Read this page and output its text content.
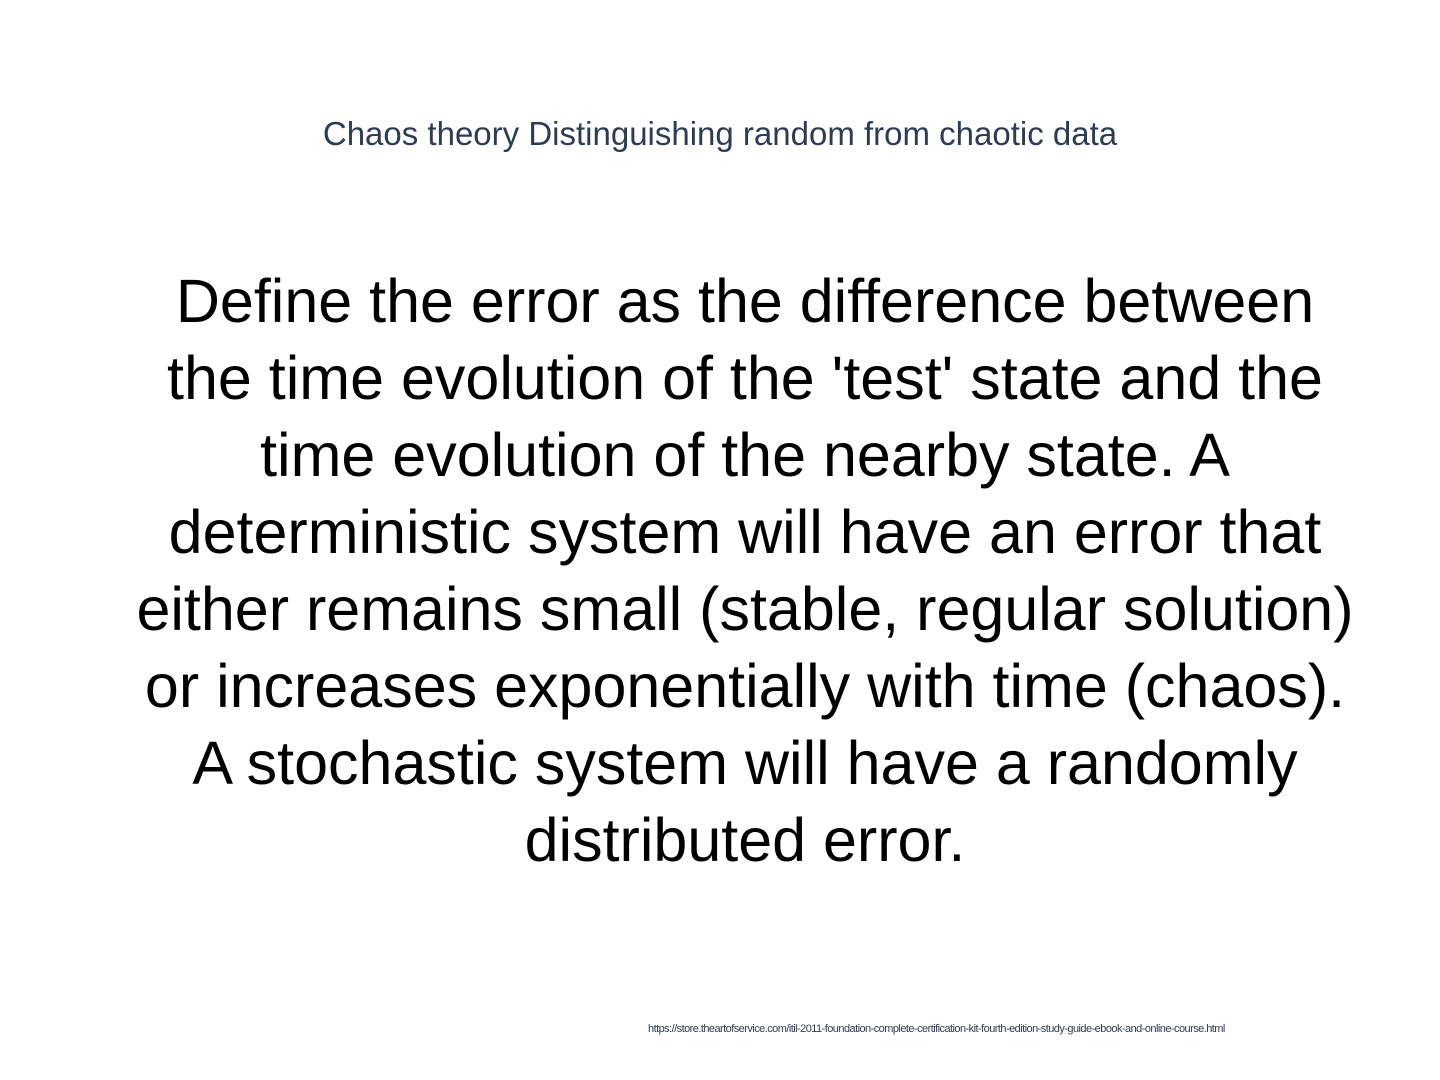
Chaos theory Distinguishing random from chaotic data

Define the error as the difference between the time evolution of the 'test' state and the time evolution of the nearby state. A deterministic system will have an error that either remains small (stable, regular solution) or increases exponentially with time (chaos). A stochastic system will have a randomly distributed error.

https://store.theartofservice.com/itil-2011-foundation-complete-certification-kit-fourth-edition-study-guide-ebook-and-online-course.html
